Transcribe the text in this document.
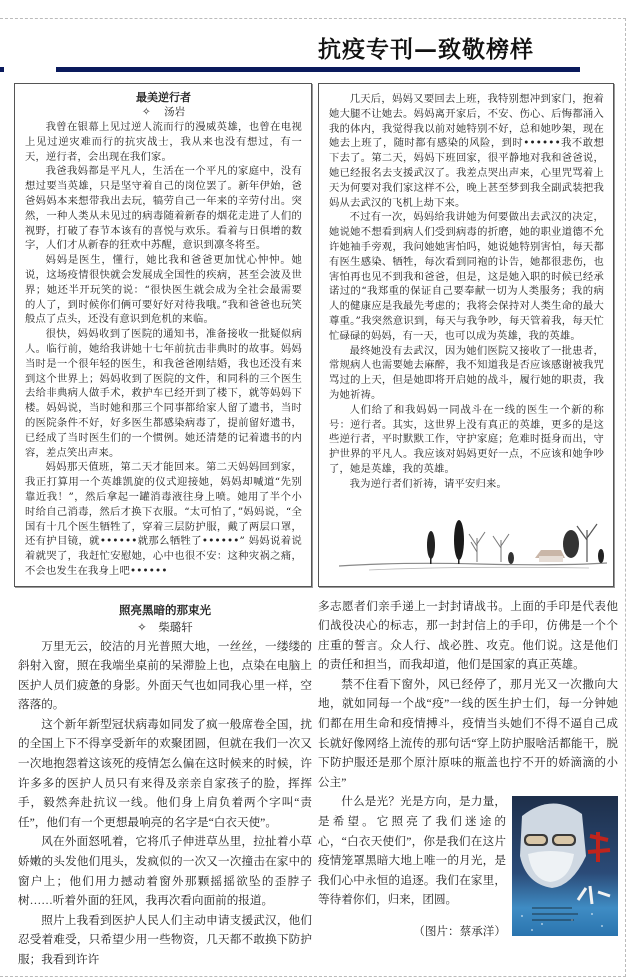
抗疫专刊—致敬榜样
最美逆行者
✧ 汤岩

我曾在银幕上见过逆人流而行的漫威英雄，也曾在电视上见过逆灾难而行的抗灾战士，我从来也没有想过，有一天，逆行者，会出现在我们家。

我爸我妈都是平凡人，生活在一个平凡的家庭中，没有想过要当英雄，只是坚守着自己的岗位罢了。新年伊始，爸爸妈妈本来想带我出去玩，犒劳自己一年来的辛劳付出。突然，一种人类从未见过的病毒随着新春的烟花走进了人们的视野，打破了春节本该有的喜悦与欢乐。看着与日俱增的数字，人们才从新春的狂欢中苏醒，意识到凛冬将至。

妈妈是医生，懂行，她比我和爸爸更加忧心忡忡。她说，这场疫情很快就会发展成全国性的疾病，甚至会波及世界；她还半开玩笑的说：“很快医生就会成为全社会最需要的人了，到时候你们俩可要好好对待我哦。”我和爸爸也玩笑般点了点头，还没有意识到危机的来临。

很快，妈妈收到了医院的通知书，准备接收一批疑似病人。临行前，她给我讲她十七年前抗击非典时的故事。妈妈当时是一个很年轻的医生，和我爸爸刚结婚，我也还没有来到这个世界上；妈妈收到了医院的文件，和同科的三个医生去给非典病人做手术，救护车已经开到了楼下，就等妈妈下楼。妈妈说，当时她和那三个同事都给家人留了遗书，当时的医院条件不好，好多医生都感染病毒了，提前留好遗书，已经成了当时医生们的一个惯例。她还清楚的记着遗书的内容，差点笑出声来。

妈妈那天值班，第二天才能回来。第二天妈妈回到家，我正打算用一个英雄凯旋的仪式迎接她，妈妈却喊道“先别靠近我！”，然后拿起一罐消毒液往身上喷。她用了半个小时给自己消毒，然后才换下衣服。“太可怕了，”妈妈说，“全国有十几个医生牺牲了，穿着三层防护服，戴了两层口罩，还有护目镜，就••••••就那么牺牲了••••••” 妈妈说着说着就哭了，我赶忙安慰她，心中也很不安：这种灾祸之痛，不会也发生在我身上吧••••••

几天后，妈妈又要回去上班，我特别想冲到家门，抱着她大腿不让她去。妈妈离开家后，不安、伤心、后悔都涌入我的体内，我觉得我以前对她特别不好，总和她吵架，现在她去上班了，随时都有感染的风险，到时••••••我不敢想下去了。第二天，妈妈下班回家，很平静地对我和爸爸说，她已经报名去支援武汉了。我差点哭出声来，心里咒骂着上天为何要对我们家这样不公，晚上甚至梦到我全副武装把我妈从去武汉的飞机上劫下来。

不过有一次，妈妈给我讲她为何要做出去武汉的决定，她说她不想看到病人们受到病毒的折磨，她的职业道德不允许她袖手旁观，我问她她害怕吗，她说她特别害怕，每天都有医生感染、牺牲，每次看到同袍的讣告，她都很悲伤，也害怕再也见不到我和爸爸，但是，这是她入职的时候已经承诺过的“我郑重的保证自己要奉献一切为人类服务；我的病人的健康应是我最先考虑的；我将会保持对人类生命的最大尊重。”我突然意识到，每天与我争吵，每天管着我，每天忙忙碌碌的妈妈，有一天，也可以成为英雄，我的英雄。

最终她没有去武汉，因为她们医院又接收了一批患者，常规病人也需要她去麻醉，我不知道我是否应该感谢被我咒骂过的上天，但是她即将开启她的战斗，履行她的职责，我为她祈祷。

人们给了和我妈妈一同战斗在一线的医生一个新的称号：逆行者。其实，这世界上没有真正的英雄，更多的是这些逆行者，平时默默工作，守护家庭；危难时挺身而出，守护世界的平凡人。我应该对妈妈更好一点，不应该和她争吵了，她是英雄，我的英雄。

我为逆行者们祈祷，请平安归来。

照亮黑暗的那束光
✧ 柴璐轩

万里无云，皎洁的月光普照大地，一丝丝，一缕缕的斜射入窗，照在我端坐桌前的呆滞脸上也，点染在电脑上医护人员们疲惫的身影。外面天气也如同我心里一样，空落落的。

这个新年新型冠状病毒如同发了疯一般席卷全国，扰的全国上下不得享受新年的欢聚团圆，但就在我们一次又一次地抱怨着这该死的疫情怎么偏在这时候来的时候，许许多多的医护人员只有来得及亲亲自家孩子的脸，挥挥手，毅然奔赴抗议一线。他们身上肩负着两个字叫“责任”，他们有一个更想最响亮的名字是“白衣天使”。

风在外面怒吼着，它将爪子伸进草丛里，拉扯着小草娇嫩的头发他们甩头，发疯似的一次又一次撞击在家中的窗户上；他们用力撼动着窗外那颗摇摇欲坠的歪脖子树……听着外面的狂风，我再次看向面前的报道。

照片上我看到医护人民人们主动申请支援武汉，他们忍受着难受，只希望少用一些物资，几天都不敢换下防护服；我看到许许

多志愿者们亲手递上一封封请战书。上面的手印是代表他们战役决心的标志，那一封封信上的手印，仿佛是一个个庄重的誓言。众人行、战必胜、攻克。他们说。这是他们的责任和担当，而我却道，他们是国家的真正英雄。

禁不住看下窗外，风已经停了，那月光又一次撒向大地，就如同每一个战“疫”一线的医生护士们，每一分钟她们都在用生命和疫情搏斗，疫情当头她们不得不逼自己成长就好像网络上流传的那句话“穿上防护服啥活都能干，脱下防护服还是那个原汁原味的瓶盖也拧不开的娇滴滴的小公主”

什么是光？光是方向，是力量，是希望。它照亮了我们迷途的心，“白衣天使们”，你是我们在这片疫情笼罩黑暗大地上唯一的月光，是我们心中永恒的追逐。我们在家里，等待着你们，归来，团圆。

（图片：蔡承洋）
